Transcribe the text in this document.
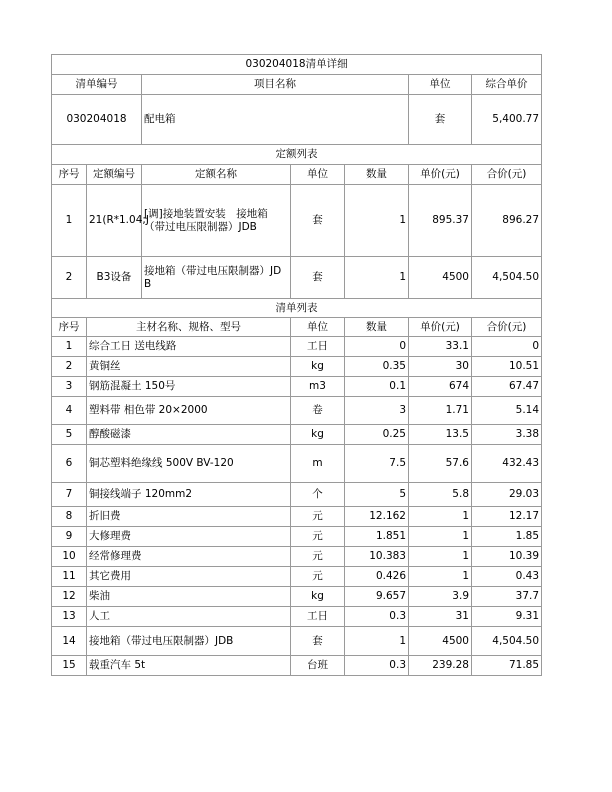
030204018清单详细						
清单编号		项目名称			单位	综合单价
030204018		配电箱			套	5,400.77
定额列表						
序号	定额编号	定额名称	单位	数量	单价(元)	合价(元)
1	21(R*1.04;J	[调]接地装置安装　接地箱（带过电压限制器）JDB	套	1	895.37	896.27
2	B3设备	接地箱（带过电压限制器）JDB	套	1	4500	4,504.50
清单列表						
序号	主材名称、规格、型号		单位	数量	单价(元)	合价(元)
1	综合工日 送电线路		工日	0	33.1	0
2	黄铜丝		kg	0.35	30	10.51
3	钢筋混凝土 150号		m3	0.1	674	67.47
4	塑料带 相色带 20×2000		卷	3	1.71	5.14
5	醇酸磁漆		kg	0.25	13.5	3.38
6	铜芯塑料绝缘线 500V BV-120		m	7.5	57.6	432.43
7	铜接线端子 120mm2		个	5	5.8	29.03
8	折旧费		元	12.162	1	12.17
9	大修理费		元	1.851	1	1.85
10	经常修理费		元	10.383	1	10.39
11	其它费用		元	0.426	1	0.43
12	柴油		kg	9.657	3.9	37.7
13	人工		工日	0.3	31	9.31
14	接地箱（带过电压限制器）JDB		套	1	4500	4,504.50
15	载重汽车 5t		台班	0.3	239.28	71.85
